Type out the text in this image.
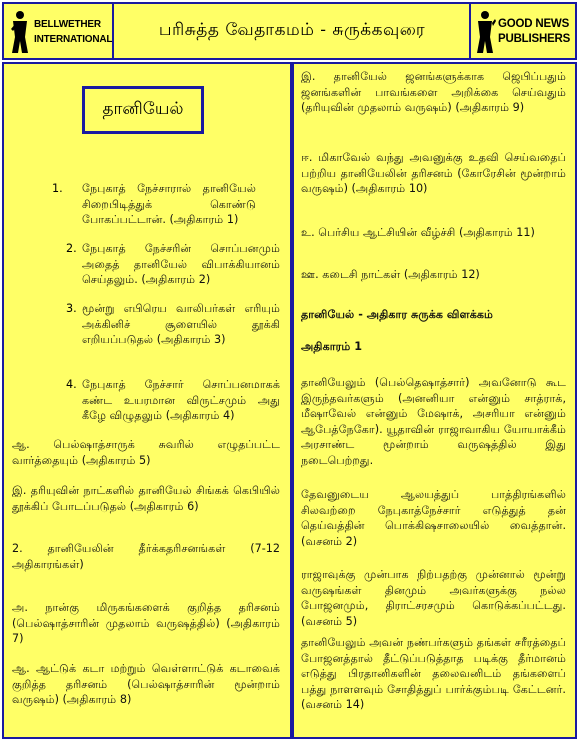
BELLWETHER
INTERNATIONAL	பரிசுத்த வேதாகமம் - சுருக்கவுரை	GOOD NEWS
PUBLISHERS
தானியேல்
1. நேபுகாத் நேச்சாரால் தானியேல் சிறைபிடித்துக் கொண்டு போகப்பட்டான். (அதிகாரம் 1)
2. நேபுகாத் நேச்சரின் சொப்பனமும் அதைத் தானியேல் விபாக்கியானம் செய்தலும். (அதிகாரம் 2)
3. மூன்று எபிரெய வாலிபர்கள் எரியும் அக்கினிச் சூளையில் தூக்கி எறியப்படுதல் (அதிகாரம் 3)
4. நேபுகாத் நேச்சார் சொப்பனமாகக் கண்ட உயரமான விருட்சமும் அது கீழே விழுதலும் (அதிகாரம் 4)
ஆ. பெல்ஷாத்சாருக் சுவரில் எழுதப்பட்ட வார்த்தையும் (அதிகாரம் 5)
இ. தரியுவின் நாட்களில் தானியேல் சிங்கக் கெபியில் தூக்கிப் போடப்படுதல் (அதிகாரம் 6)
2. தானியேலின் தீர்க்கதரிசனங்கள் (7-12 அதிகாரங்கள்)
அ. நான்கு மிருகங்களைக் குறித்த தரிசனம் (பெல்ஷாத்சாரின் முதலாம் வருஷத்தில்) (அதிகாரம் 7)
ஆ. ஆட்டுக் கடா மற்றும் வெள்ளாட்டுக் கடாவைக் குறித்த தரிசனம் (பெல்ஷாத்சாரின் மூன்றாம் வருஷம்) (அதிகாரம் 8)
இ. தானியேல் ஜனங்களுக்காக ஜெபிப்பதும் ஜனங்களின் பாவங்களை அறிக்கை செய்வதும் (தரியுவின் முதலாம் வருஷம்) (அதிகாரம் 9)
ஈ. மிகாவேல் வந்து அவனுக்கு உதவி செய்வதைப் பற்றிய தானியேலின் தரிசனம் (கோரேசின் மூன்றாம் வருஷம்) (அதிகாரம் 10)
உ. பெர்சிய ஆட்சியின் வீழ்ச்சி (அதிகாரம் 11)
ஊ. கடைசி நாட்கள் (அதிகாரம் 12)
தானியேல் - அதிகார சுருக்க விளக்கம்
அதிகாரம் 1
தானியேலும் (பெல்தெஷாத்சார்) அவனோடு கூட இருந்தவர்களும் (அனனியா என்னும் சாத்ராக், மீஷாவேல் என்னும் மேஷாக், அசரியா என்னும் ஆபேத்நேகோ). யூதாவின் ராஜாவாகிய யோயாக்கீம் அரசாண்ட மூன்றாம் வருஷத்தில் இது நடைபெற்றது.
தேவனுடைய ஆலயத்துப் பாத்திரங்களில் சிலவற்றை நேபுகாத்நேச்சார் எடுத்துத் தன் தெய்வத்தின் பொக்கிஷசாலையில் வைத்தான். (வசனம் 2)
ராஜாவுக்கு முன்பாக நிற்பதற்கு முன்னால் மூன்று வருஷங்கள் தினமும் அவர்களுக்கு நல்ல போஜனமும், திராட்சரசமும் கொடுக்கப்பட்டது. (வசனம் 5)
தானியேலும் அவன் நண்பர்களும் தங்கள் சரீரத்தைப் போஜனத்தால் தீட்டுப்படுத்தாத படிக்கு தீர்மானம் எடுத்து பிரதானிகளின் தலைவனிடம் தங்களைப் பத்து நாளளவும் சோதித்துப் பார்க்கும்படி கேட்டனர். (வசனம் 14)
